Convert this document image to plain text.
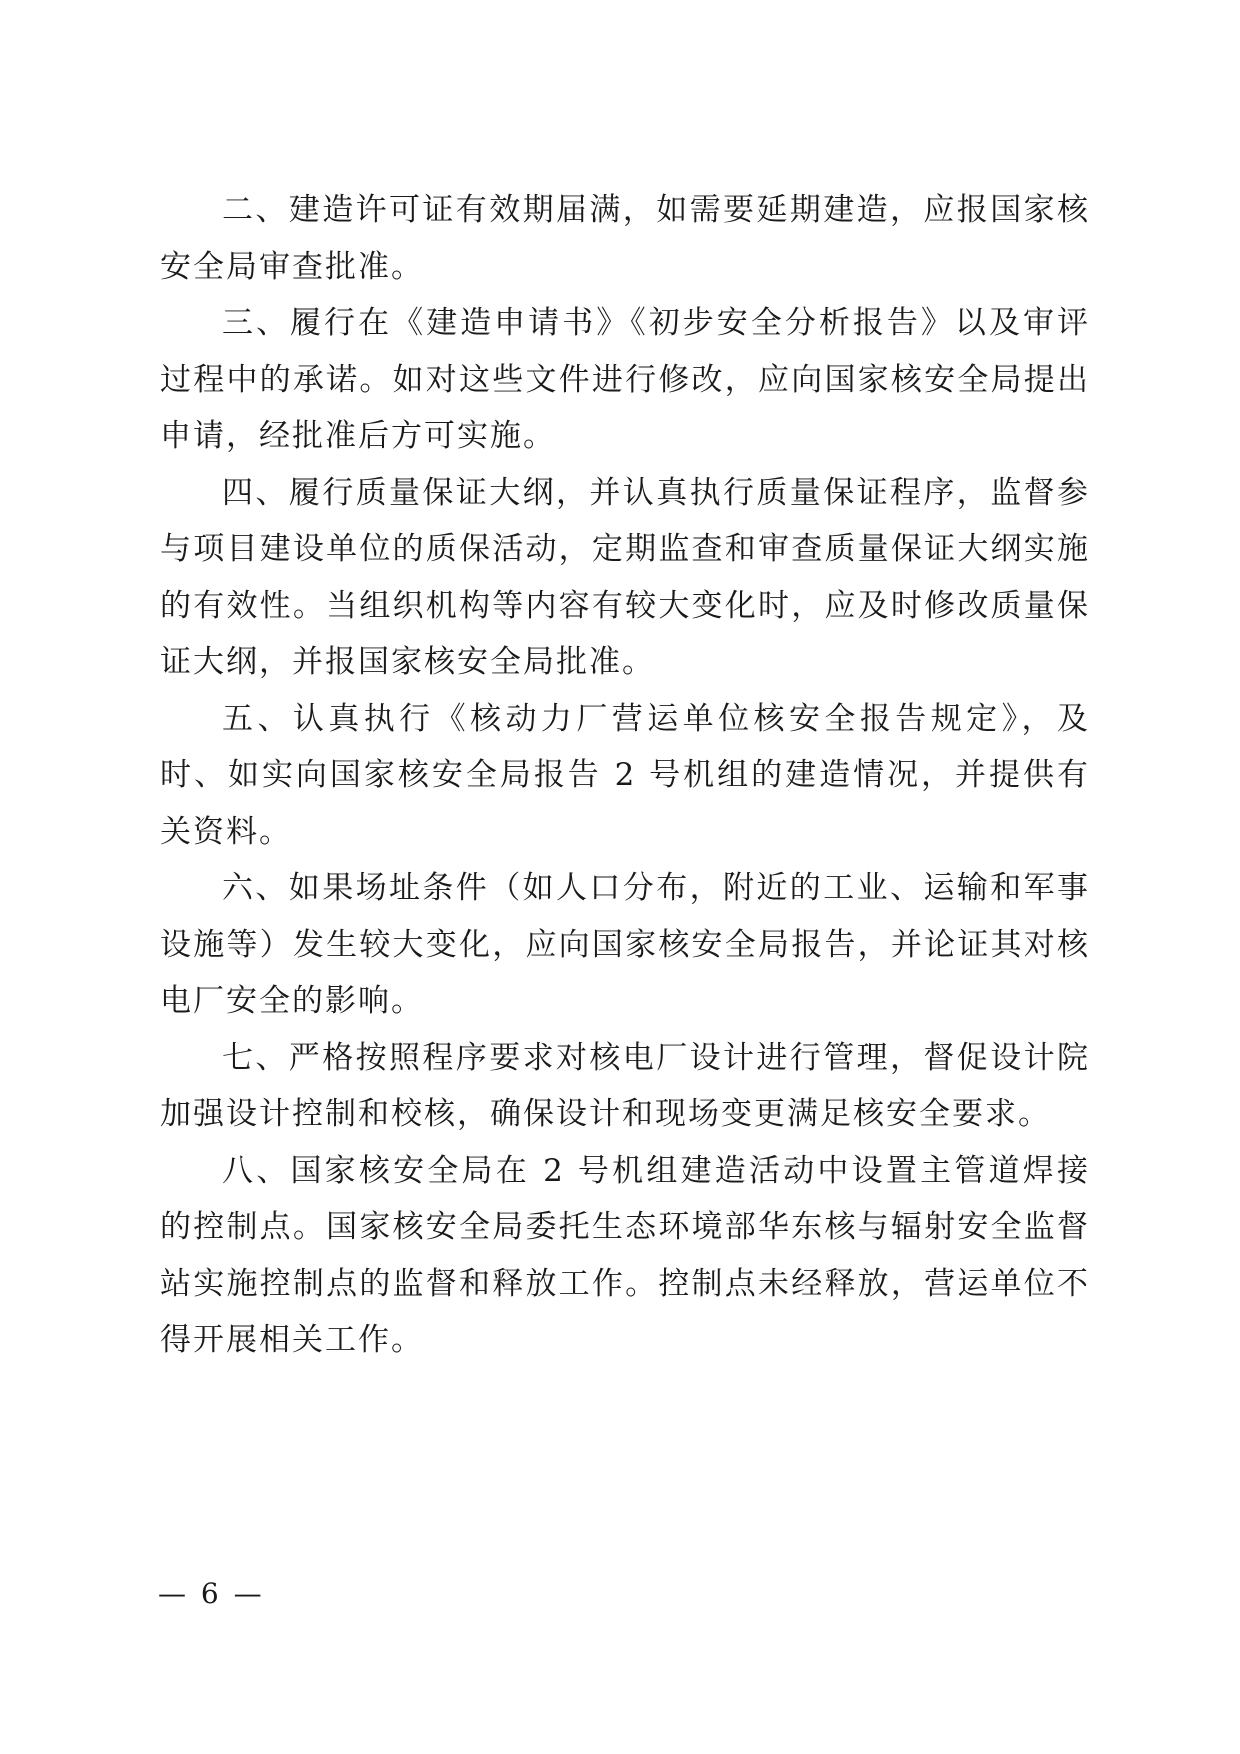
二、建造许可证有效期届满，如需要延期建造，应报国家核安全局审查批准。

三、履行在《建造申请书》《初步安全分析报告》以及审评过程中的承诺。如对这些文件进行修改，应向国家核安全局提出申请，经批准后方可实施。

四、履行质量保证大纲，并认真执行质量保证程序，监督参与项目建设单位的质保活动，定期监查和审查质量保证大纲实施的有效性。当组织机构等内容有较大变化时，应及时修改质量保证大纲，并报国家核安全局批准。

五、认真执行《核动力厂营运单位核安全报告规定》，及时、如实向国家核安全局报告 2 号机组的建造情况，并提供有关资料。

六、如果场址条件（如人口分布，附近的工业、运输和军事设施等）发生较大变化，应向国家核安全局报告，并论证其对核电厂安全的影响。

七、严格按照程序要求对核电厂设计进行管理，督促设计院加强设计控制和校核，确保设计和现场变更满足核安全要求。

八、国家核安全局在 2 号机组建造活动中设置主管道焊接的控制点。国家核安全局委托生态环境部华东核与辐射安全监督站实施控制点的监督和释放工作。控制点未经释放，营运单位不得开展相关工作。

— 6 —
